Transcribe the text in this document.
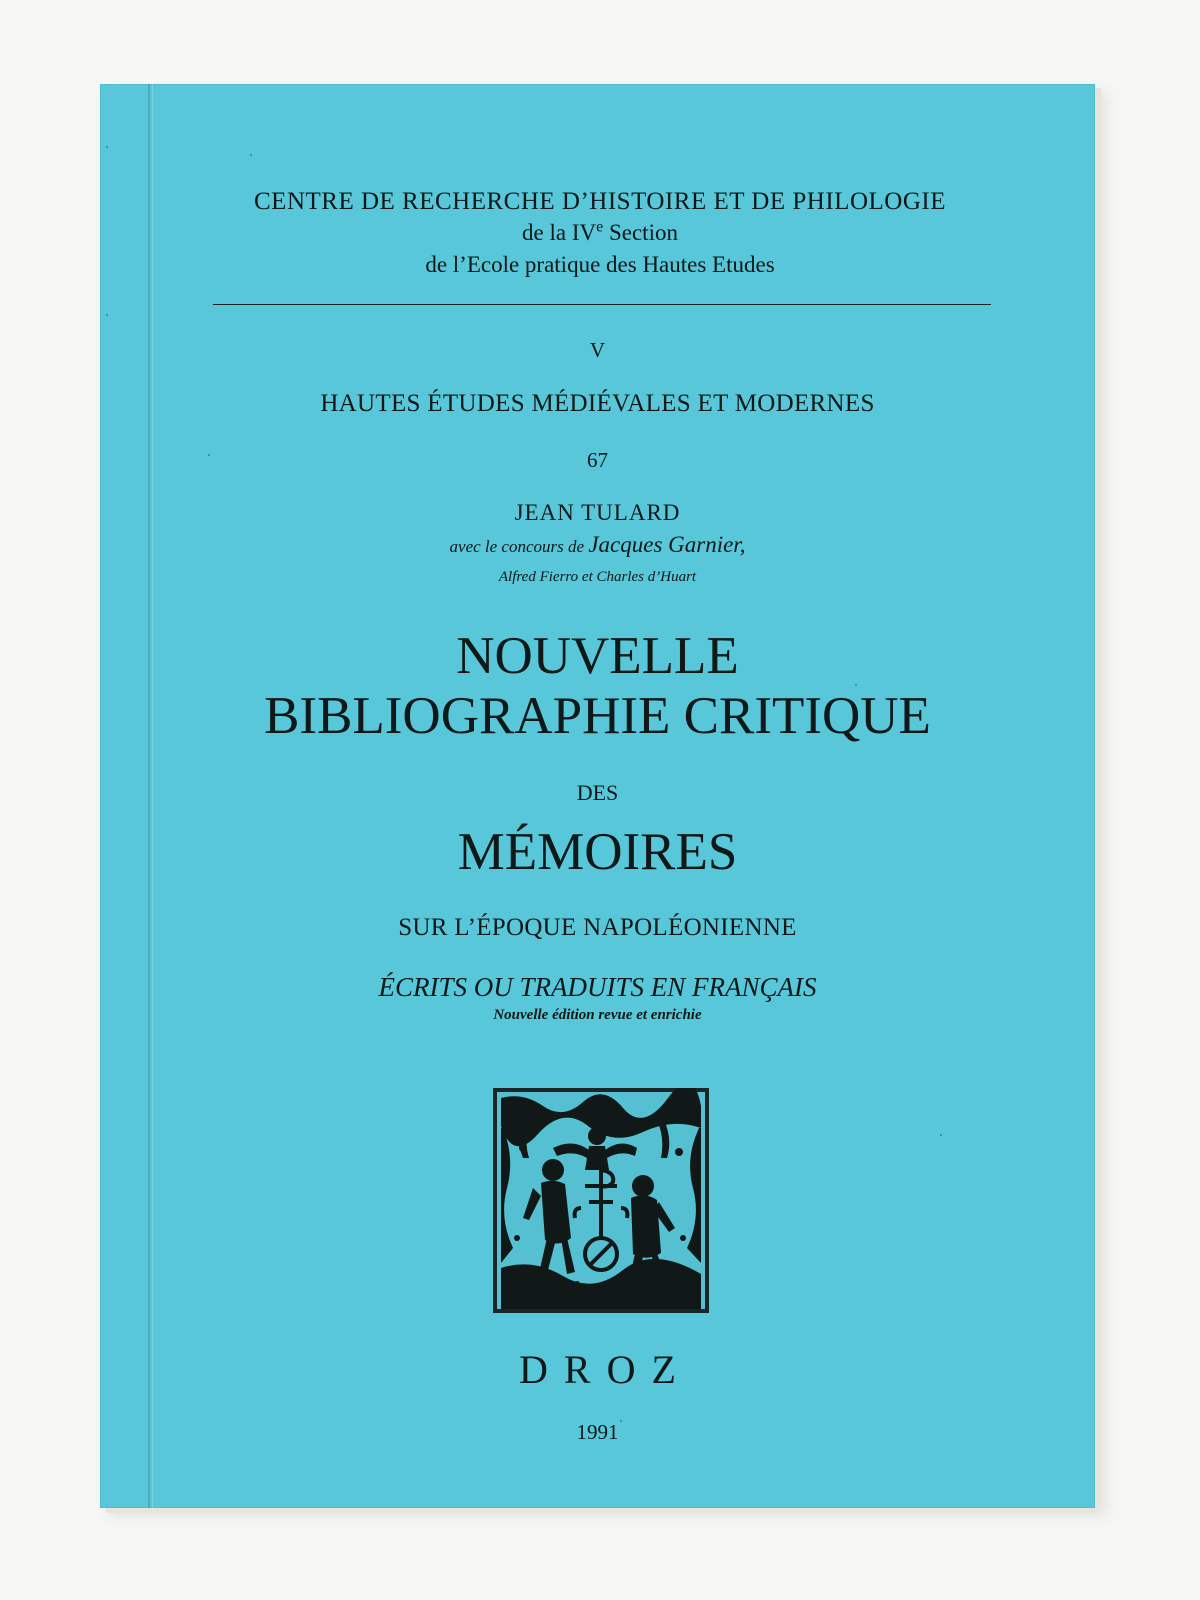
CENTRE DE RECHERCHE D’HISTOIRE ET DE PHILOLOGIE
de la IVe Section
de l’Ecole pratique des Hautes Etudes
V
HAUTES ÉTUDES MÉDIÉVALES ET MODERNES
67
JEAN TULARD
avec le concours de Jacques Garnier,
Alfred Fierro et Charles d’Huart
NOUVELLE
BIBLIOGRAPHIE CRITIQUE
DES
MÉMOIRES
SUR L’ÉPOQUE NAPOLÉONIENNE
ÉCRITS OU TRADUITS EN FRANÇAIS
Nouvelle édition revue et enrichie
DROZ
1991
